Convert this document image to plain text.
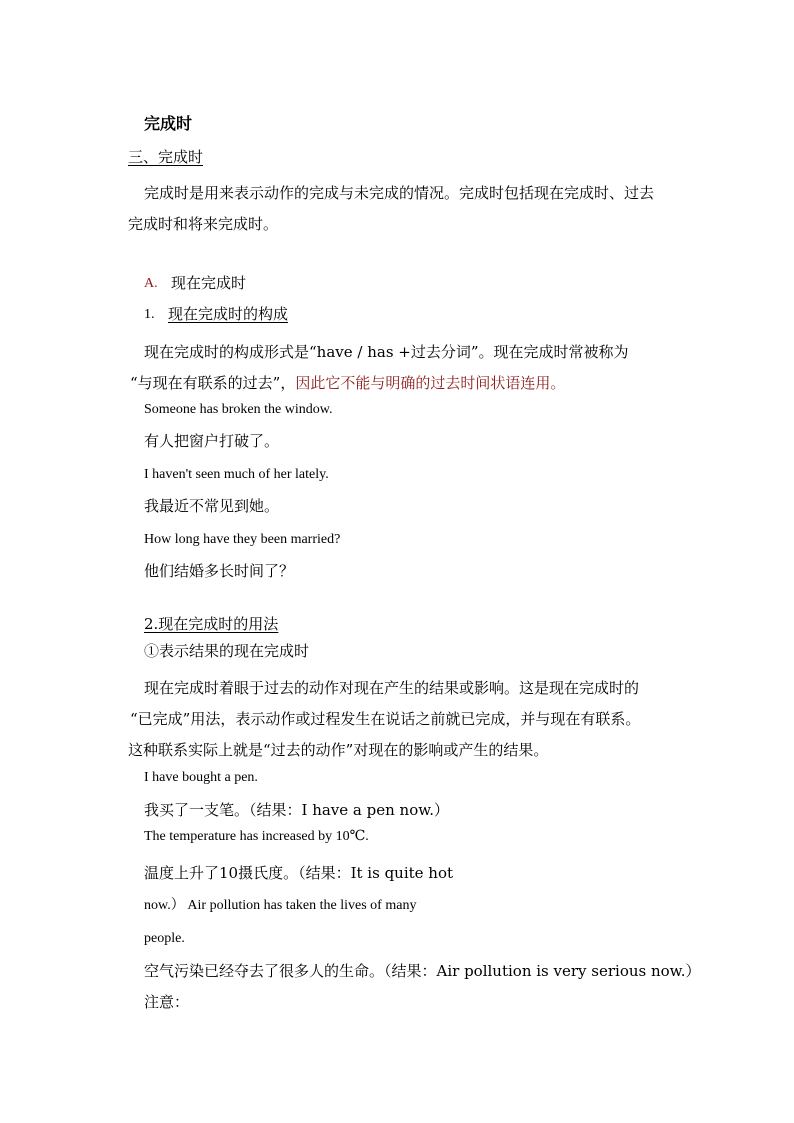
完成时
三、完成时
完成时是用来表示动作的完成与未完成的情况。完成时包括现在完成时、过去
完成时和将来完成时。
A. 现在完成时
1. 现在完成时的构成
现在完成时的构成形式是“have / has +过去分词”。现在完成时常被称为
“与现在有联系的过去”，因此它不能与明确的过去时间状语连用。
Someone has broken the window.
有人把窗户打破了。
I haven't seen much of her lately.
我最近不常见到她。
How long have they been married?
他们结婚多长时间了？
2.现在完成时的用法
①表示结果的现在完成时
现在完成时着眼于过去的动作对现在产生的结果或影响。这是现在完成时的
“已完成”用法，表示动作或过程发生在说话之前就已完成，并与现在有联系。
这种联系实际上就是“过去的动作”对现在的影响或产生的结果。
I have bought a pen.
我买了一支笔。（结果：I have a pen now.）
The temperature has increased by 10℃.
温度上升了10摄氏度。（结果：It is quite hot
now.） Air pollution has taken the lives of many
people.
空气污染已经夺去了很多人的生命。（结果：Air pollution is very serious now.）
注意：
